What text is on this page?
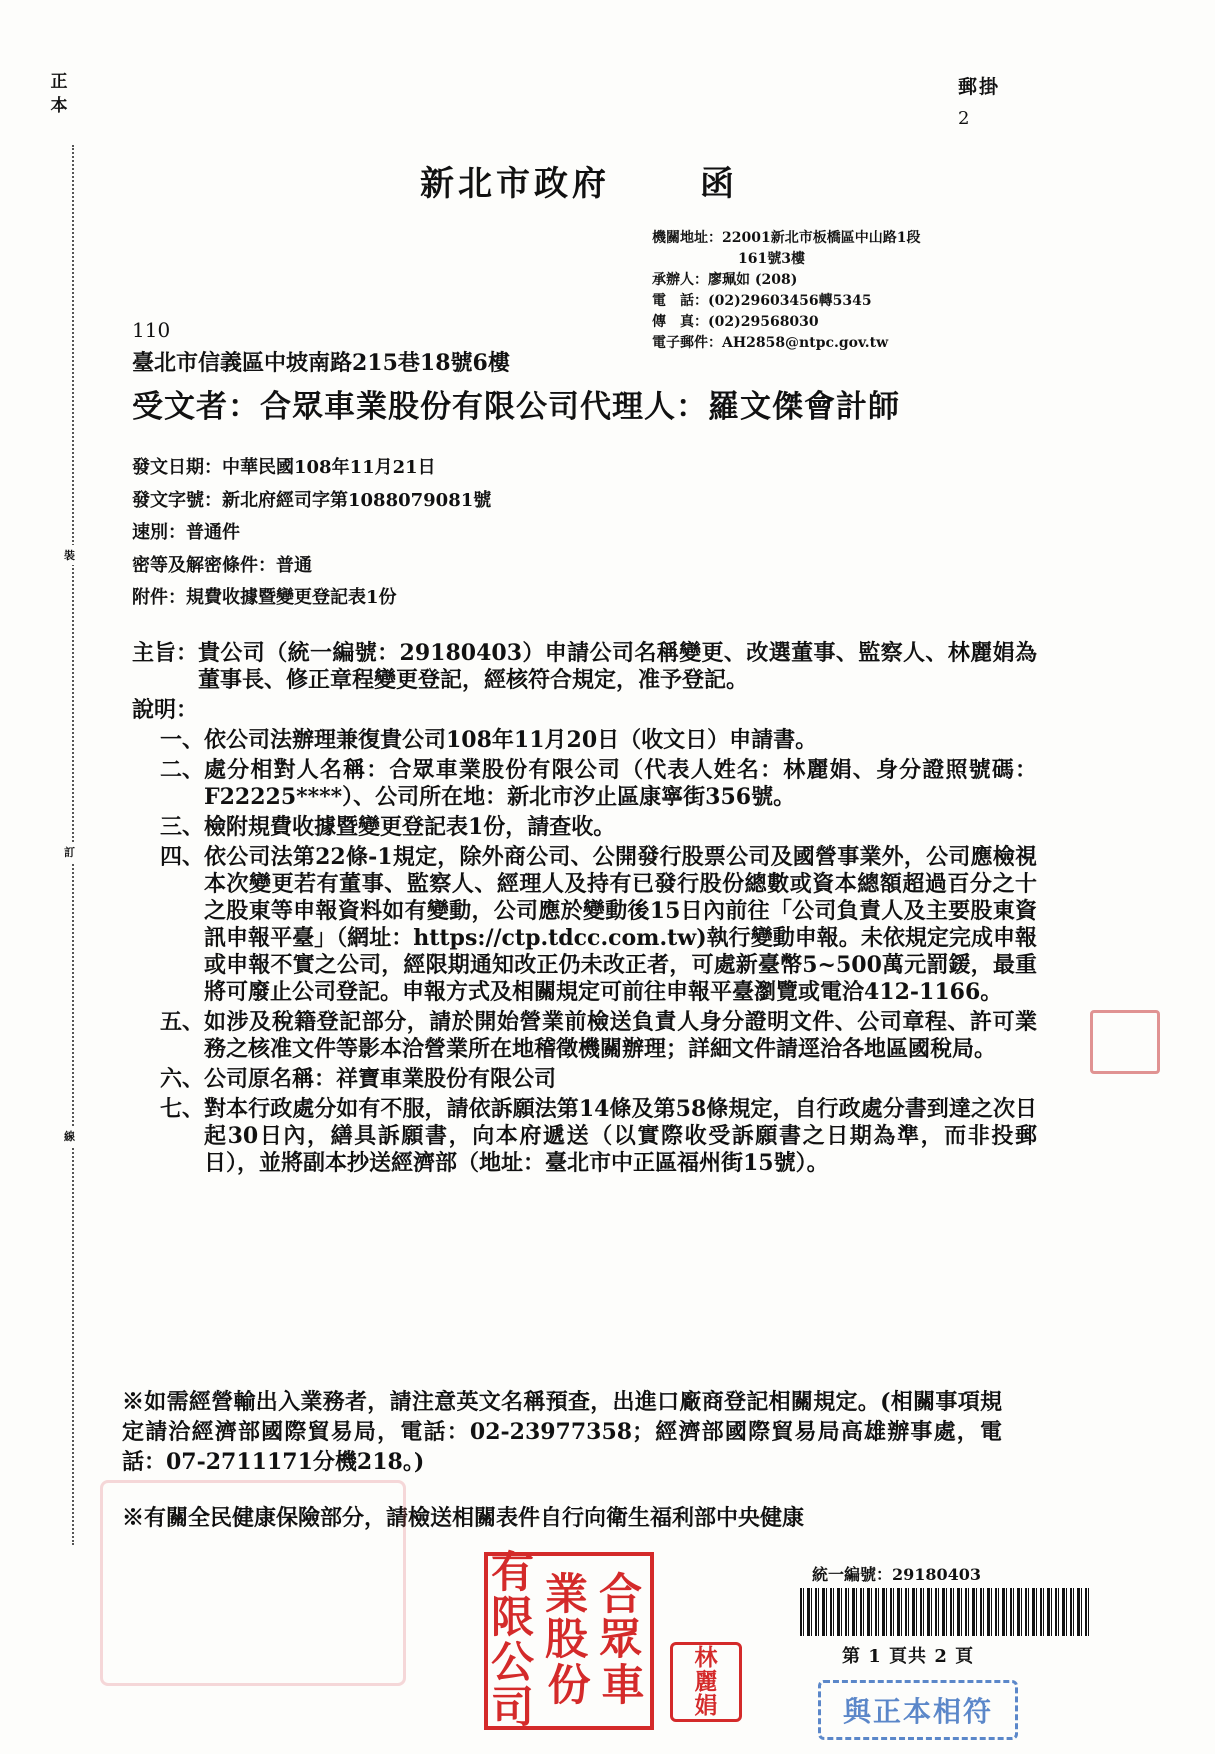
正本
裝
訂
線
郵掛
2
新北市政府	函
機關地址：22001新北市板橋區中山路1段
161號3樓
承辦人：廖珮如 (208)
電　話：(02)29603456轉5345
傳　真：(02)29568030
電子郵件：AH2858@ntpc.gov.tw
110
臺北市信義區中坡南路215巷18號6樓
受文者：合眾車業股份有限公司代理人：羅文傑會計師
發文日期：中華民國108年11月21日
發文字號：新北府經司字第1088079081號
速別：普通件
密等及解密條件：普通
附件：規費收據暨變更登記表1份
主旨： 貴公司（統一編號：29180403）申請公司名稱變更、改選董事、監察人、林麗娟為董事長、修正章程變更登記，經核符合規定，准予登記。
說明：
一、 依公司法辦理兼復貴公司108年11月20日（收文日）申請書。
二、 處分相對人名稱：合眾車業股份有限公司（代表人姓名：林麗娟、身分證照號碼：F22225****）、公司所在地：新北市汐止區康寧街356號。
三、 檢附規費收據暨變更登記表1份，請查收。
四、 依公司法第22條-1規定，除外商公司、公開發行股票公司及國營事業外，公司應檢視本次變更若有董事、監察人、經理人及持有已發行股份總數或資本總額超過百分之十之股東等申報資料如有變動，公司應於變動後15日內前往「公司負責人及主要股東資訊申報平臺」（網址：https://ctp.tdcc.com.tw)執行變動申報。未依規定完成申報或申報不實之公司，經限期通知改正仍未改正者，可處新臺幣5~500萬元罰鍰，最重將可廢止公司登記。申報方式及相關規定可前往申報平臺瀏覽或電洽412-1166。
五、 如涉及稅籍登記部分，請於開始營業前檢送負責人身分證明文件、公司章程、許可業務之核准文件等影本洽營業所在地稽徵機關辦理；詳細文件請逕洽各地區國稅局。
六、 公司原名稱：祥寶車業股份有限公司
七、 對本行政處分如有不服，請依訴願法第14條及第58條規定，自行政處分書到達之次日起30日內，繕具訴願書，向本府遞送（以實際收受訴願書之日期為準，而非投郵日），並將副本抄送經濟部（地址：臺北市中正區福州街15號）。
※如需經營輸出入業務者，請注意英文名稱預查，出進口廠商登記相關規定。(相關事項規定請洽經濟部國際貿易局，電話：02-23977358；經濟部國際貿易局高雄辦事處，電話：07-2711171分機218。)
※有關全民健康保險部分，請檢送相關表件自行向衛生福利部中央健康
合眾
車
業股
份
有限
公司
林麗娟
統一編號：29180403
第 1 頁共 2 頁
與正本相符
